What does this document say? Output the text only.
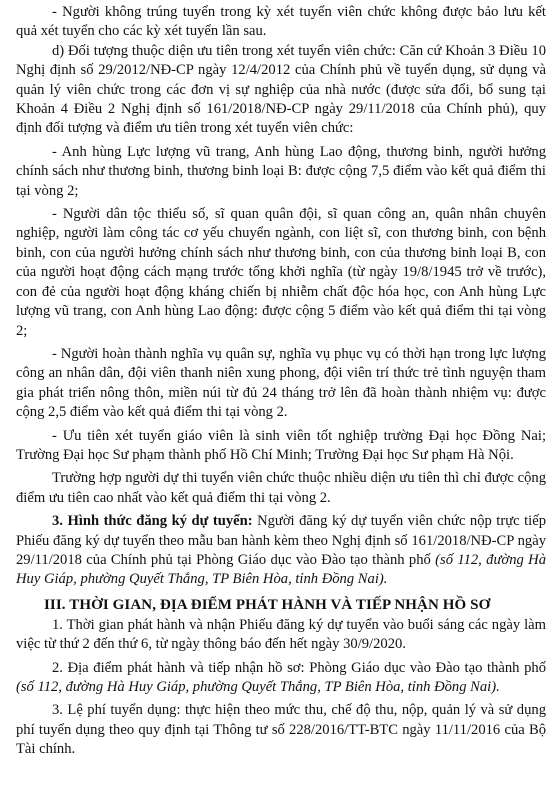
- Người không trúng tuyển trong kỳ xét tuyển viên chức không được bảo lưu kết quả xét tuyển cho các kỳ xét tuyển lần sau.

d) Đối tượng thuộc diện ưu tiên trong xét tuyển viên chức: Căn cứ Khoản 3 Điều 10 Nghị định số 29/2012/NĐ-CP ngày 12/4/2012 của Chính phủ về tuyển dụng, sử dụng và quản lý viên chức trong các đơn vị sự nghiệp của nhà nước (được sửa đổi, bổ sung tại Khoản 4 Điều 2 Nghị định số 161/2018/NĐ-CP ngày 29/11/2018 của Chính phủ), quy định đối tượng và điểm ưu tiên trong xét tuyển viên chức:

- Anh hùng Lực lượng vũ trang, Anh hùng Lao động, thương binh, người hưởng chính sách như thương binh, thương binh loại B: được cộng 7,5 điểm vào kết quả điểm thi tại vòng 2;

- Người dân tộc thiểu số, sĩ quan quân đội, sĩ quan công an, quân nhân chuyên nghiệp, người làm công tác cơ yếu chuyển ngành, con liệt sĩ, con thương binh, con bệnh binh, con của người hưởng chính sách như thương binh, con của thương binh loại B, con của người hoạt động cách mạng trước tổng khởi nghĩa (từ ngày 19/8/1945 trở về trước), con đẻ của người hoạt động kháng chiến bị nhiễm chất độc hóa học, con Anh hùng Lực lượng vũ trang, con Anh hùng Lao động: được cộng 5 điểm vào kết quả điểm thi tại vòng 2;

- Người hoàn thành nghĩa vụ quân sự, nghĩa vụ phục vụ có thời hạn trong lực lượng công an nhân dân, đội viên thanh niên xung phong, đội viên trí thức trẻ tình nguyện tham gia phát triển nông thôn, miền núi từ đủ 24 tháng trở lên đã hoàn thành nhiệm vụ: được cộng 2,5 điểm vào kết quả điểm thi tại vòng 2.

- Ưu tiên xét tuyển giáo viên là sinh viên tốt nghiệp trường Đại học Đồng Nai; Trường Đại học Sư phạm thành phố Hồ Chí Minh; Trường Đại học Sư phạm Hà Nội.

Trường hợp người dự thi tuyển viên chức thuộc nhiều diện ưu tiên thì chỉ được cộng điểm ưu tiên cao nhất vào kết quả điểm thi tại vòng 2.

3. Hình thức đăng ký dự tuyển: Người đăng ký dự tuyển viên chức nộp trực tiếp Phiếu đăng ký dự tuyển theo mẫu ban hành kèm theo Nghị định số 161/2018/NĐ-CP ngày 29/11/2018 của Chính phủ tại Phòng Giáo dục vào Đào tạo thành phố (số 112, đường Hà Huy Giáp, phường Quyết Thắng, TP Biên Hòa, tỉnh Đồng Nai).

III. THỜI GIAN, ĐỊA ĐIỂM PHÁT HÀNH VÀ TIẾP NHẬN HỒ SƠ

1. Thời gian phát hành và nhận Phiếu đăng ký dự tuyển vào buổi sáng các ngày làm việc từ thứ 2 đến thứ 6, từ ngày thông báo đến hết ngày 30/9/2020.

2. Địa điểm phát hành và tiếp nhận hồ sơ: Phòng Giáo dục vào Đào tạo thành phố (số 112, đường Hà Huy Giáp, phường Quyết Thắng, TP Biên Hòa, tỉnh Đồng Nai).

3. Lệ phí tuyển dụng: thực hiện theo mức thu, chế độ thu, nộp, quản lý và sử dụng phí tuyển dụng theo quy định tại Thông tư số 228/2016/TT-BTC ngày 11/11/2016 của Bộ Tài chính.
